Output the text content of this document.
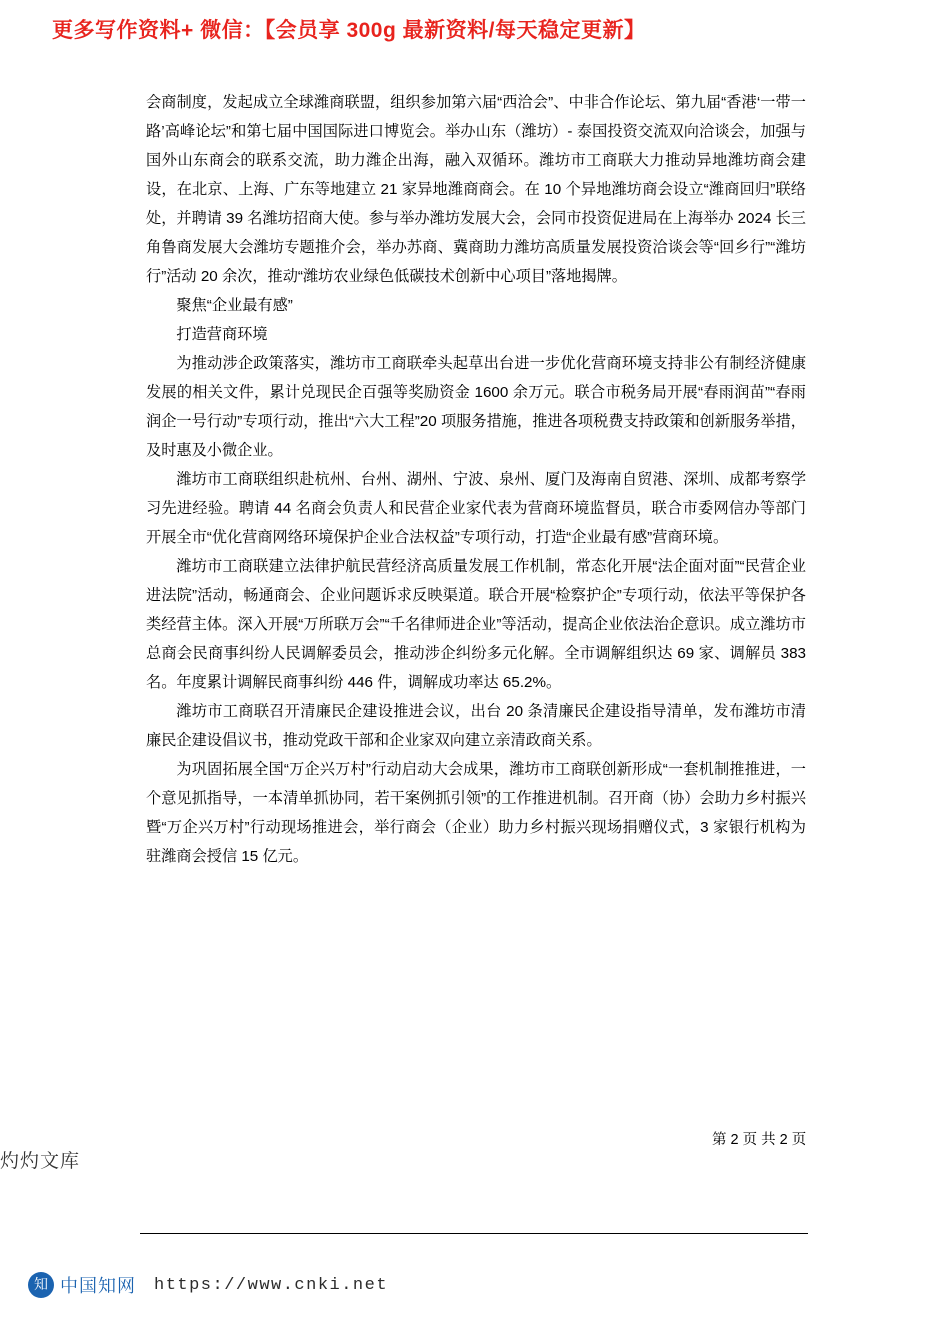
更多写作资料+ 微信：【会员享 300g 最新资料/每天稳定更新】

会商制度，发起成立全球潍商联盟，组织参加第六届“西洽会”、中非合作论坛、第九届“香港‘一带一路’高峰论坛”和第七届中国国际进口博览会。举办山东（潍坊）- 泰国投资交流双向洽谈会，加强与国外山东商会的联系交流，助力潍企出海，融入双循环。潍坊市工商联大力推动异地潍坊商会建设，在北京、上海、广东等地建立 21 家异地潍商商会。在 10 个异地潍坊商会设立“潍商回归”联络处，并聘请 39 名潍坊招商大使。参与举办潍坊发展大会，会同市投资促进局在上海举办 2024 长三角鲁商发展大会潍坊专题推介会，举办苏商、冀商助力潍坊高质量发展投资洽谈会等“回乡行”“潍坊行”活动 20 余次，推动“潍坊农业绿色低碳技术创新中心项目”落地揭牌。

聚焦“企业最有感”

打造营商环境

为推动涉企政策落实，潍坊市工商联牵头起草出台进一步优化营商环境支持非公有制经济健康发展的相关文件，累计兑现民企百强等奖励资金 1600 余万元。联合市税务局开展“春雨润苗”“春雨润企一号行动”专项行动，推出“六大工程”20 项服务措施，推进各项税费支持政策和创新服务举措，及时惠及小微企业。

潍坊市工商联组织赴杭州、台州、湖州、宁波、泉州、厦门及海南自贸港、深圳、成都考察学习先进经验。聘请 44 名商会负责人和民营企业家代表为营商环境监督员，联合市委网信办等部门开展全市“优化营商网络环境保护企业合法权益”专项行动，打造“企业最有感”营商环境。

潍坊市工商联建立法律护航民营经济高质量发展工作机制，常态化开展“法企面对面”“民营企业进法院”活动，畅通商会、企业问题诉求反映渠道。联合开展“检察护企”专项行动，依法平等保护各类经营主体。深入开展“万所联万会”“千名律师进企业”等活动，提高企业依法治企意识。成立潍坊市总商会民商事纠纷人民调解委员会，推动涉企纠纷多元化解。全市调解组织达 69 家、调解员 383 名。年度累计调解民商事纠纷 446 件，调解成功率达 65.2%。

潍坊市工商联召开清廉民企建设推进会议，出台 20 条清廉民企建设指导清单，发布潍坊市清廉民企建设倡议书，推动党政干部和企业家双向建立亲清政商关系。

为巩固拓展全国“万企兴万村”行动启动大会成果，潍坊市工商联创新形成“一套机制推推进，一个意见抓指导，一本清单抓协同，若干案例抓引领”的工作推进机制。召开商（协）会助力乡村振兴暨“万企兴万村”行动现场推进会，举行商会（企业）助力乡村振兴现场捐赠仪式，3 家银行机构为驻潍商会授信 15 亿元。

第 2 页 共 2 页
灼灼文库
知 中国知网 https://www.cnki.net
